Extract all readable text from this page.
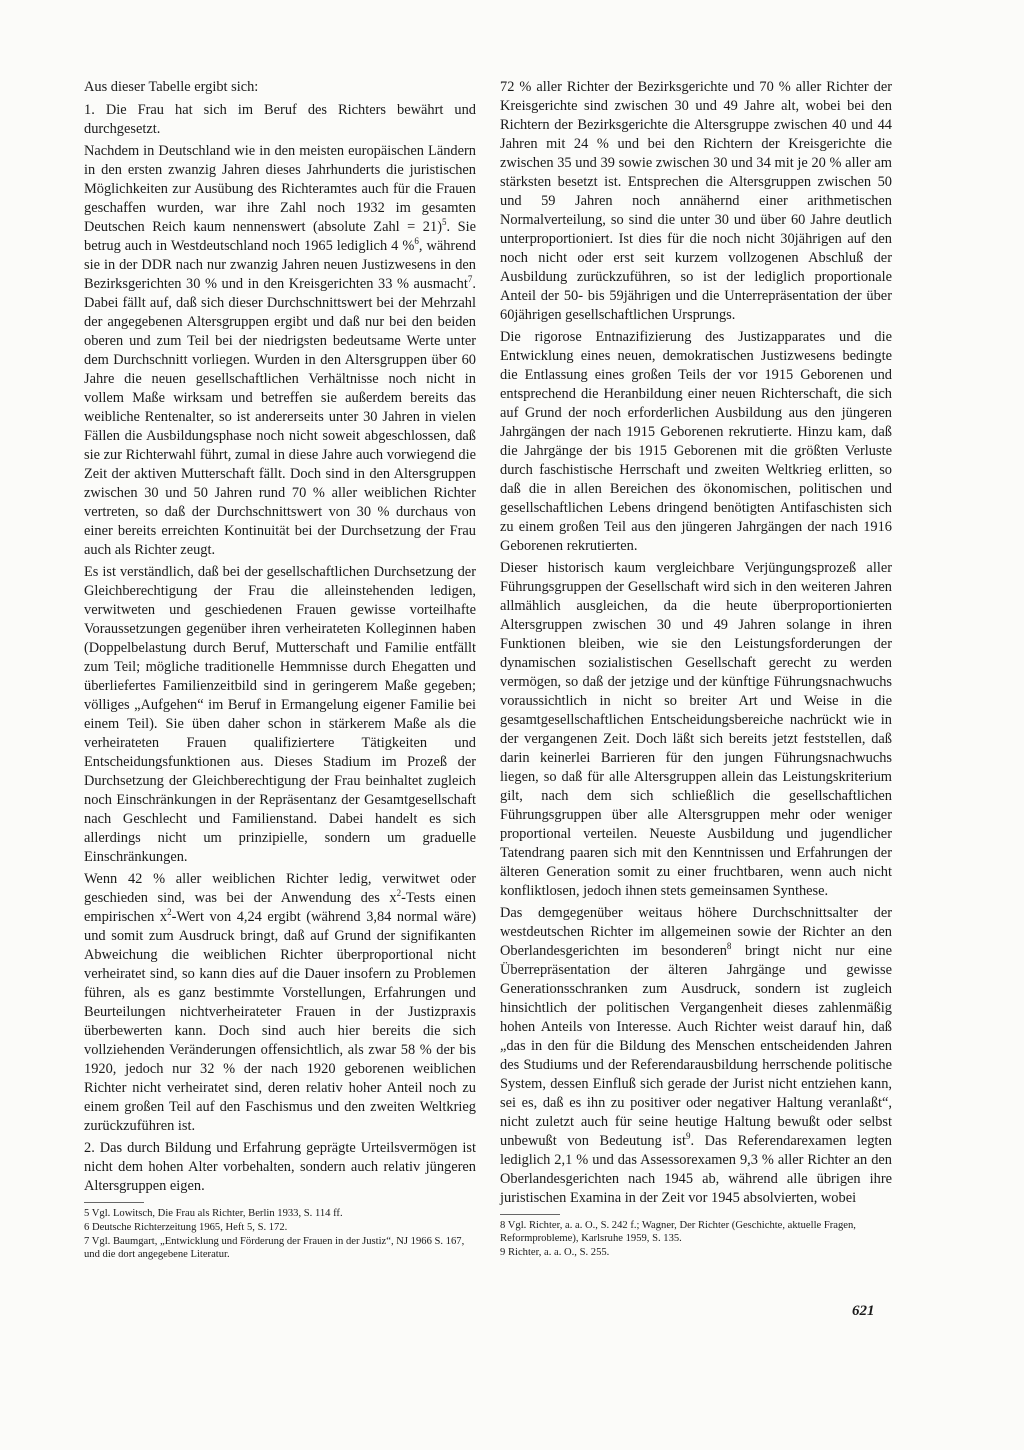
Aus dieser Tabelle ergibt sich:

1. Die Frau hat sich im Beruf des Richters bewährt und durchgesetzt.

Nachdem in Deutschland wie in den meisten europäischen Ländern in den ersten zwanzig Jahren dieses Jahrhunderts die juristischen Möglichkeiten zur Ausübung des Richteramtes auch für die Frauen geschaffen wurden, war ihre Zahl noch 1932 im gesamten Deutschen Reich kaum nennenswert (absolute Zahl = 21)$^5$. Sie betrug auch in Westdeutschland noch 1965 lediglich 4 %$^6$, während sie in der DDR nach nur zwanzig Jahren neuen Justizwesens in den Bezirksgerichten 30 % und in den Kreisgerichten 33 % ausmacht$^7$. Dabei fällt auf, daß sich dieser Durchschnittswert bei der Mehrzahl der angegebenen Altersgruppen ergibt und daß nur bei den beiden oberen und zum Teil bei der niedrigsten bedeutsame Werte unter dem Durchschnitt vorliegen. Wurden in den Altersgruppen über 60 Jahre die neuen gesellschaftlichen Verhältnisse noch nicht in vollem Maße wirksam und betreffen sie außerdem bereits das weibliche Rentenalter, so ist andererseits unter 30 Jahren in vielen Fällen die Ausbildungsphase noch nicht soweit abgeschlossen, daß sie zur Richterwahl führt, zumal in diese Jahre auch vorwiegend die Zeit der aktiven Mutterschaft fällt. Doch sind in den Altersgruppen zwischen 30 und 50 Jahren rund 70 % aller weiblichen Richter vertreten, so daß der Durchschnittswert von 30 % durchaus von einer bereits erreichten Kontinuität bei der Durchsetzung der Frau auch als Richter zeugt.

Es ist verständlich, daß bei der gesellschaftlichen Durchsetzung der Gleichberechtigung der Frau die alleinstehenden ledigen, verwitweten und geschiedenen Frauen gewisse vorteilhafte Voraussetzungen gegenüber ihren verheirateten Kolleginnen haben (Doppelbelastung durch Beruf, Mutterschaft und Familie entfällt zum Teil; mögliche traditionelle Hemmnisse durch Ehegatten und überliefertes Familienzeitbild sind in geringerem Maße gegeben; völliges „Aufgehen“ im Beruf in Ermangelung eigener Familie bei einem Teil). Sie üben daher schon in stärkerem Maße als die verheirateten Frauen qualifiziertere Tätigkeiten und Entscheidungsfunktionen aus. Dieses Stadium im Prozeß der Durchsetzung der Gleichberechtigung der Frau beinhaltet zugleich noch Einschränkungen in der Repräsentanz der Gesamtgesellschaft nach Geschlecht und Familienstand. Dabei handelt es sich allerdings nicht um prinzipielle, sondern um graduelle Einschränkungen.

Wenn 42 % aller weiblichen Richter ledig, verwitwet oder geschieden sind, was bei der Anwendung des $x^2$-Tests einen empirischen $x^2$-Wert von 4,24 ergibt (während 3,84 normal wäre) und somit zum Ausdruck bringt, daß auf Grund der signifikanten Abweichung die weiblichen Richter überproportional nicht verheiratet sind, so kann dies auf die Dauer insofern zu Problemen führen, als es ganz bestimmte Vorstellungen, Erfahrungen und Beurteilungen nichtverheirateter Frauen in der Justizpraxis überbewerten kann. Doch sind auch hier bereits die sich vollziehenden Veränderungen offensichtlich, als zwar 58 % der bis 1920, jedoch nur 32 % der nach 1920 geborenen weiblichen Richter nicht verheiratet sind, deren relativ hoher Anteil noch zu einem großen Teil auf den Faschismus und den zweiten Weltkrieg zurückzuführen ist.

2. Das durch Bildung und Erfahrung geprägte Urteilsvermögen ist nicht dem hohen Alter vorbehalten, sondern auch relativ jüngeren Altersgruppen eigen.

5 Vgl. Lowitsch, Die Frau als Richter, Berlin 1933, S. 114 ff.

6 Deutsche Richterzeitung 1965, Heft 5, S. 172.

7 Vgl. Baumgart, „Entwicklung und Förderung der Frauen in der Justiz“, NJ 1966 S. 167, und die dort angegebene Literatur.

72 % aller Richter der Bezirksgerichte und 70 % aller Richter der Kreisgerichte sind zwischen 30 und 49 Jahre alt, wobei bei den Richtern der Bezirksgerichte die Altersgruppe zwischen 40 und 44 Jahren mit 24 % und bei den Richtern der Kreisgerichte die zwischen 35 und 39 sowie zwischen 30 und 34 mit je 20 % aller am stärksten besetzt ist. Entsprechen die Altersgruppen zwischen 50 und 59 Jahren noch annähernd einer arithmetischen Normalverteilung, so sind die unter 30 und über 60 Jahre deutlich unterproportioniert. Ist dies für die noch nicht 30jährigen auf den noch nicht oder erst seit kurzem vollzogenen Abschluß der Ausbildung zurückzuführen, so ist der lediglich proportionale Anteil der 50- bis 59jährigen und die Unterrepräsentation der über 60jährigen gesellschaftlichen Ursprungs.

Die rigorose Entnazifizierung des Justizapparates und die Entwicklung eines neuen, demokratischen Justizwesens bedingte die Entlassung eines großen Teils der vor 1915 Geborenen und entsprechend die Heranbildung einer neuen Richterschaft, die sich auf Grund der noch erforderlichen Ausbildung aus den jüngeren Jahrgängen der nach 1915 Geborenen rekrutierte. Hinzu kam, daß die Jahrgänge der bis 1915 Geborenen mit die größten Verluste durch faschistische Herrschaft und zweiten Weltkrieg erlitten, so daß die in allen Bereichen des ökonomischen, politischen und gesellschaftlichen Lebens dringend benötigten Antifaschisten sich zu einem großen Teil aus den jüngeren Jahrgängen der nach 1916 Geborenen rekrutierten.

Dieser historisch kaum vergleichbare Verjüngungsprozeß aller Führungsgruppen der Gesellschaft wird sich in den weiteren Jahren allmählich ausgleichen, da die heute überproportionierten Altersgruppen zwischen 30 und 49 Jahren solange in ihren Funktionen bleiben, wie sie den Leistungsforderungen der dynamischen sozialistischen Gesellschaft gerecht zu werden vermögen, so daß der jetzige und der künftige Führungsnachwuchs voraussichtlich in nicht so breiter Art und Weise in die gesamtgesellschaftlichen Entscheidungsbereiche nachrückt wie in der vergangenen Zeit. Doch läßt sich bereits jetzt feststellen, daß darin keinerlei Barrieren für den jungen Führungsnachwuchs liegen, so daß für alle Altersgruppen allein das Leistungskriterium gilt, nach dem sich schließlich die gesellschaftlichen Führungsgruppen über alle Altersgruppen mehr oder weniger proportional verteilen. Neueste Ausbildung und jugendlicher Tatendrang paaren sich mit den Kenntnissen und Erfahrungen der älteren Generation somit zu einer fruchtbaren, wenn auch nicht konfliktlosen, jedoch ihnen stets gemeinsamen Synthese.

Das demgegenüber weitaus höhere Durchschnittsalter der westdeutschen Richter im allgemeinen sowie der Richter an den Oberlandesgerichten im besonderen$^8$ bringt nicht nur eine Überrepräsentation der älteren Jahrgänge und gewisse Generationsschranken zum Ausdruck, sondern ist zugleich hinsichtlich der politischen Vergangenheit dieses zahlenmäßig hohen Anteils von Interesse. Auch Richter weist darauf hin, daß „das in den für die Bildung des Menschen entscheidenden Jahren des Studiums und der Referendarausbildung herrschende politische System, dessen Einfluß sich gerade der Jurist nicht entziehen kann, sei es, daß es ihn zu positiver oder negativer Haltung veranlaßt“, nicht zuletzt auch für seine heutige Haltung bewußt oder selbst unbewußt von Bedeutung ist$^9$. Das Referendarexamen legten lediglich 2,1 % und das Assessorexamen 9,3 % aller Richter an den Oberlandesgerichten nach 1945 ab, während alle übrigen ihre juristischen Examina in der Zeit vor 1945 absolvierten, wobei

8 Vgl. Richter, a. a. O., S. 242 f.; Wagner, Der Richter (Geschichte, aktuelle Fragen, Reformprobleme), Karlsruhe 1959, S. 135.

9 Richter, a. a. O., S. 255.

621
